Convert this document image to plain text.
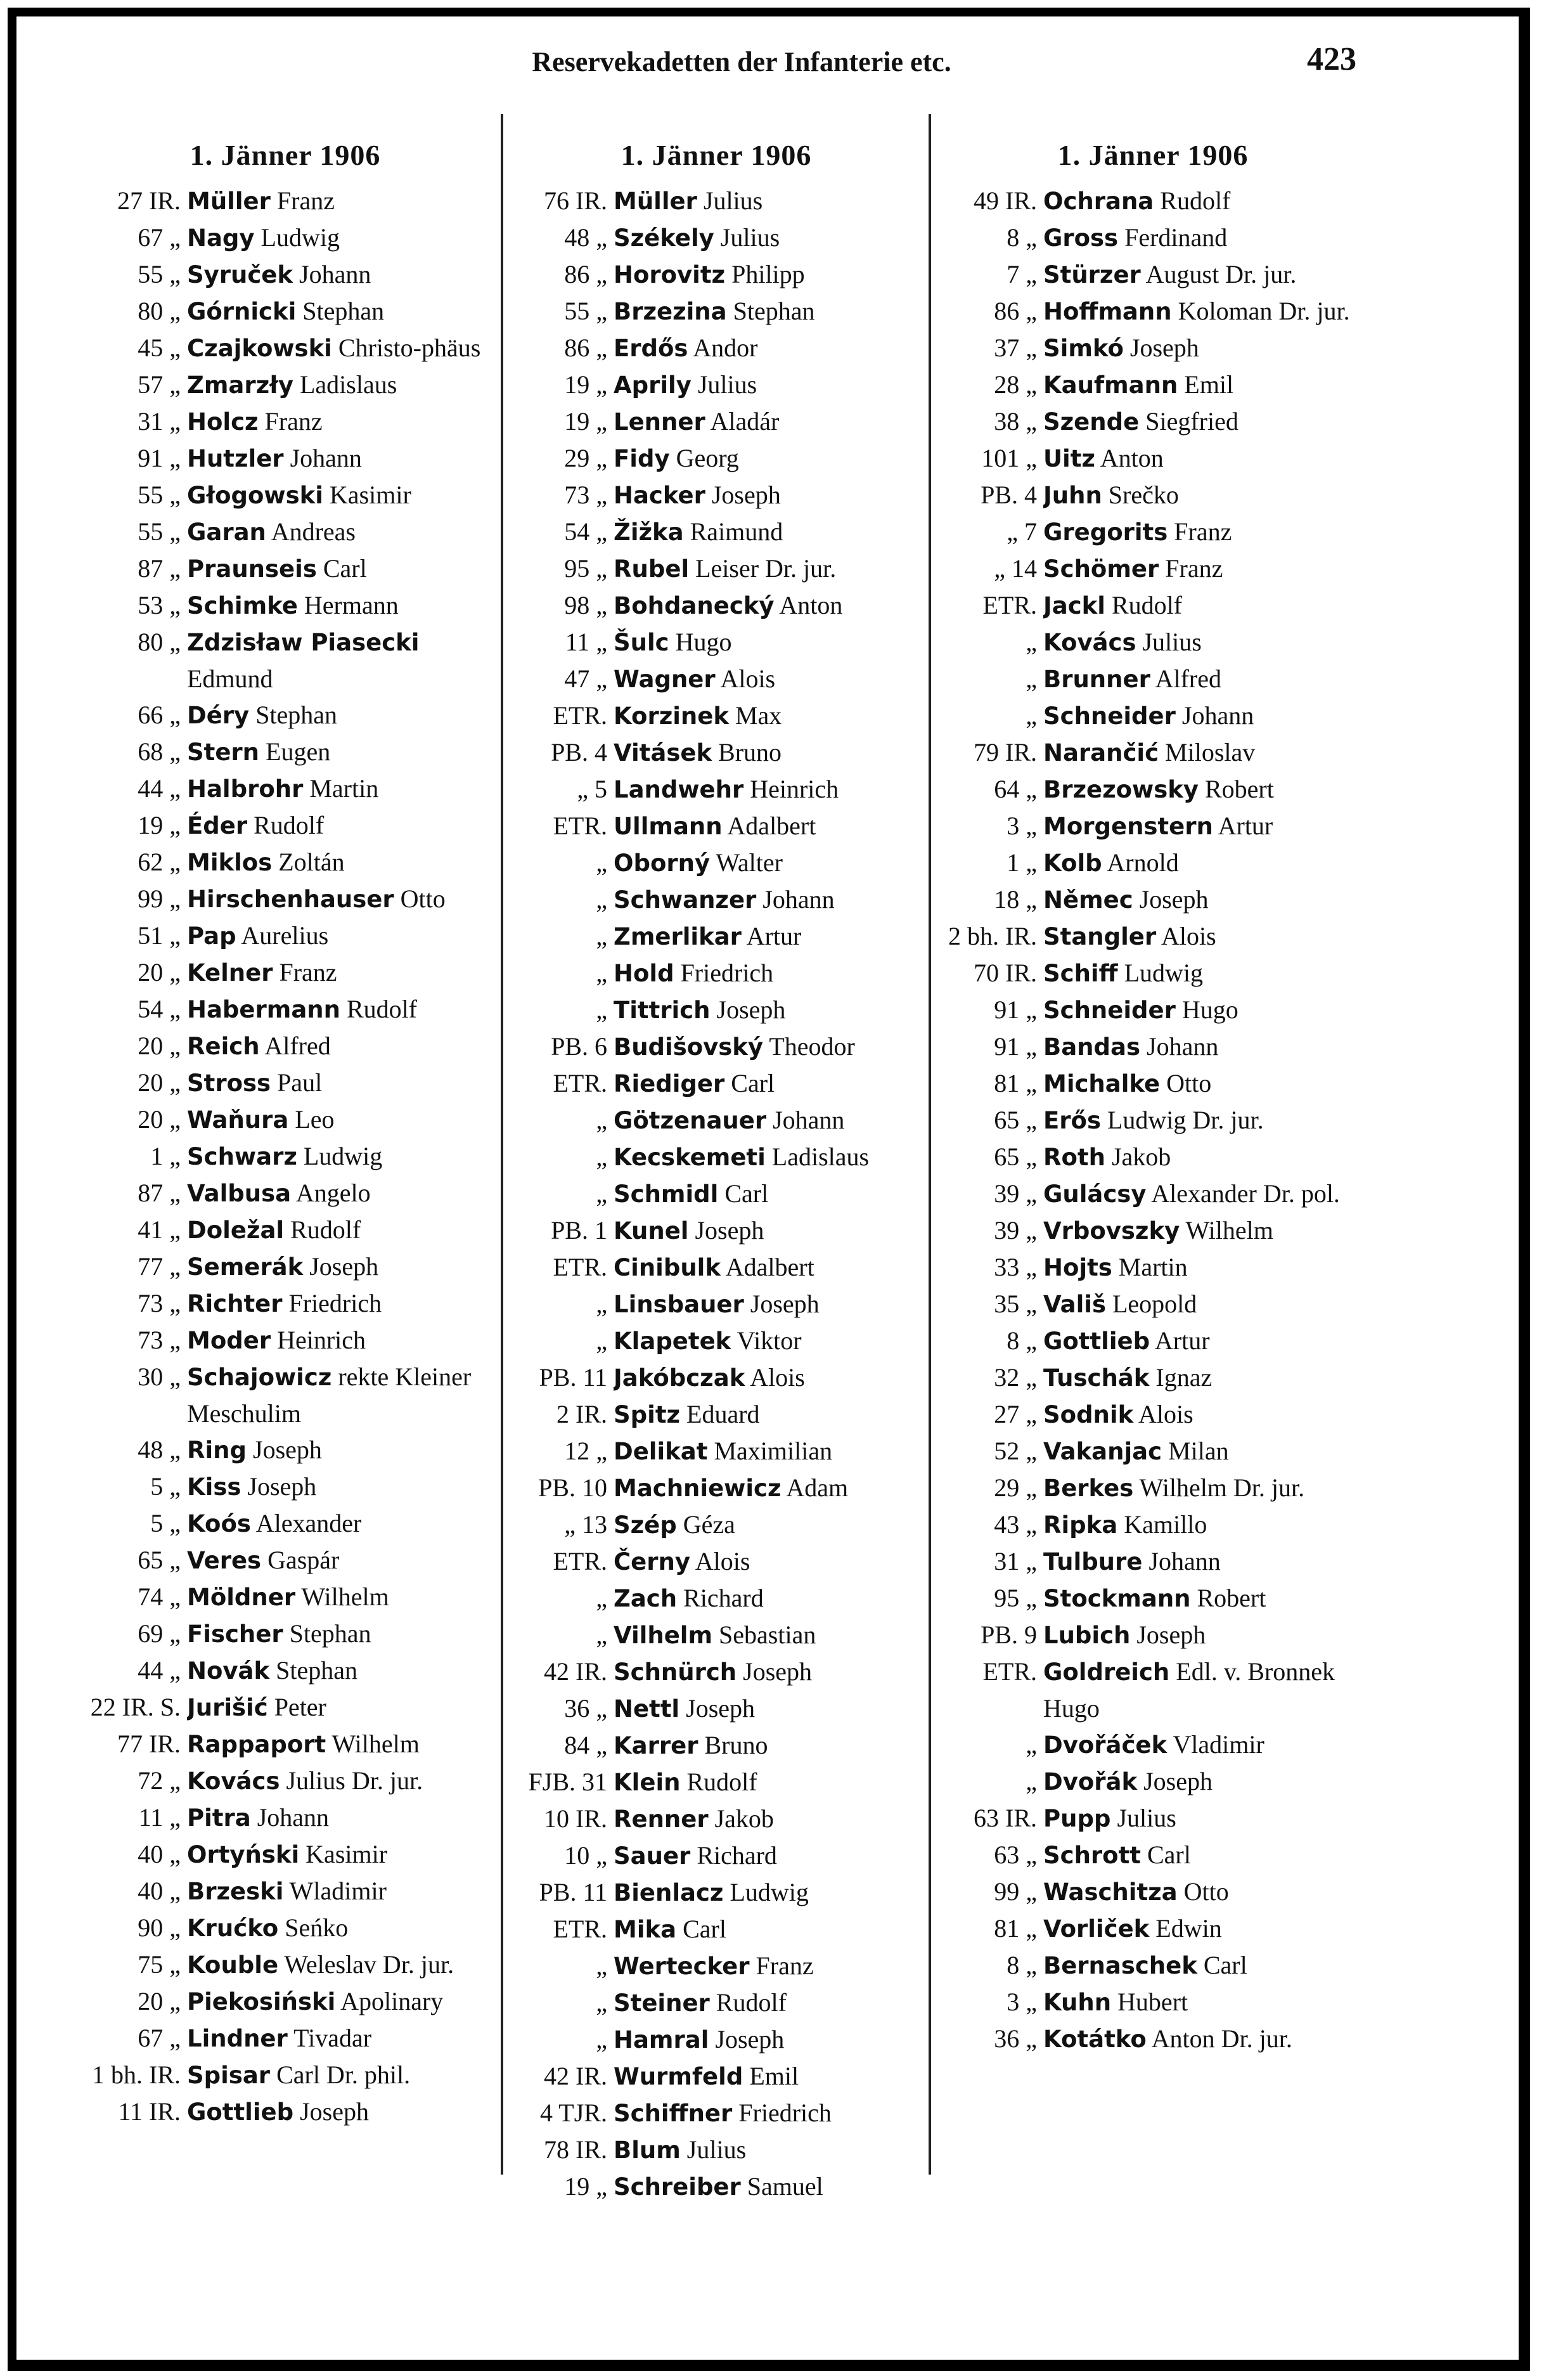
Reservekadetten der Infanterie etc.	423
1. Jänner 1906
27 IR. Müller Franz
67 „ Nagy Ludwig
55 „ Syruček Johann
80 „ Górnicki Stephan
45 „ Czajkowski Christo-phäus
57 „ Zmarzły Ladislaus
31 „ Holcz Franz
91 „ Hutzler Johann
55 „ Głogowski Kasimir
55 „ Garan Andreas
87 „ Praunseis Carl
53 „ Schimke Hermann
80 „ Zdzisław Piasecki Edmund
66 „ Déry Stephan
68 „ Stern Eugen
44 „ Halbrohr Martin
19 „ Éder Rudolf
62 „ Miklos Zoltán
99 „ Hirschenhauser Otto
51 „ Pap Aurelius
20 „ Kelner Franz
54 „ Habermann Rudolf
20 „ Reich Alfred
20 „ Stross Paul
20 „ Waňura Leo
1 „ Schwarz Ludwig
87 „ Valbusa Angelo
41 „ Doležal Rudolf
77 „ Semerák Joseph
73 „ Richter Friedrich
73 „ Moder Heinrich
30 „ Schajowicz rekte Kleiner Meschulim
48 „ Ring Joseph
5 „ Kiss Joseph
5 „ Koós Alexander
65 „ Veres Gaspár
74 „ Möldner Wilhelm
69 „ Fischer Stephan
44 „ Novák Stephan
22 IR. S. Jurišić Peter
77 IR. Rappaport Wilhelm
72 „ Kovács Julius Dr. jur.
11 „ Pitra Johann
40 „ Ortyński Kasimir
40 „ Brzeski Wladimir
90 „ Krućko Seńko
75 „ Kouble Weleslav Dr. jur.
20 „ Piekosiński Apolinary
67 „ Lindner Tivadar
1 bh. IR. Spisar Carl Dr. phil.
11 IR. Gottlieb Joseph
1. Jänner 1906
76 IR. Müller Julius
48 „ Székely Julius
86 „ Horovitz Philipp
55 „ Brzezina Stephan
86 „ Erdős Andor
19 „ Aprily Julius
19 „ Lenner Aladár
29 „ Fidy Georg
73 „ Hacker Joseph
54 „ Žižka Raimund
95 „ Rubel Leiser Dr. jur.
98 „ Bohdanecký Anton
11 „ Šulc Hugo
47 „ Wagner Alois
ETR. Korzinek Max
PB. 4 Vitásek Bruno
„ 5 Landwehr Heinrich
ETR. Ullmann Adalbert
„ Oborný Walter
„ Schwanzer Johann
„ Zmerlikar Artur
„ Hold Friedrich
„ Tittrich Joseph
PB. 6 Budišovský Theodor
ETR. Riediger Carl
„ Götzenauer Johann
„ Kecskemeti Ladislaus
„ Schmidl Carl
PB. 1 Kunel Joseph
ETR. Cinibulk Adalbert
„ Linsbauer Joseph
„ Klapetek Viktor
PB. 11 Jakóbczak Alois
2 IR. Spitz Eduard
12 „ Delikat Maximilian
PB. 10 Machniewicz Adam
„ 13 Szép Géza
ETR. Černy Alois
„ Zach Richard
„ Vilhelm Sebastian
42 IR. Schnürch Joseph
36 „ Nettl Joseph
84 „ Karrer Bruno
FJB. 31 Klein Rudolf
10 IR. Renner Jakob
10 „ Sauer Richard
PB. 11 Bienlacz Ludwig
ETR. Mika Carl
„ Wertecker Franz
„ Steiner Rudolf
„ Hamral Joseph
42 IR. Wurmfeld Emil
4 TJR. Schiffner Friedrich
78 IR. Blum Julius
19 „ Schreiber Samuel
1. Jänner 1906
49 IR. Ochrana Rudolf
8 „ Gross Ferdinand
7 „ Stürzer August Dr. jur.
86 „ Hoffmann Koloman Dr. jur.
37 „ Simkó Joseph
28 „ Kaufmann Emil
38 „ Szende Siegfried
101 „ Uitz Anton
PB. 4 Juhn Srečko
„ 7 Gregorits Franz
„ 14 Schömer Franz
ETR. Jackl Rudolf
„ Kovács Julius
„ Brunner Alfred
„ Schneider Johann
79 IR. Narančić Miloslav
64 „ Brzezowsky Robert
3 „ Morgenstern Artur
1 „ Kolb Arnold
18 „ Němec Joseph
2 bh. IR. Stangler Alois
70 IR. Schiff Ludwig
91 „ Schneider Hugo
91 „ Bandas Johann
81 „ Michalke Otto
65 „ Erős Ludwig Dr. jur.
65 „ Roth Jakob
39 „ Gulácsy Alexander Dr. pol.
39 „ Vrbovszky Wilhelm
33 „ Hojts Martin
35 „ Vališ Leopold
8 „ Gottlieb Artur
32 „ Tuschák Ignaz
27 „ Sodnik Alois
52 „ Vakanjac Milan
29 „ Berkes Wilhelm Dr. jur.
43 „ Ripka Kamillo
31 „ Tulbure Johann
95 „ Stockmann Robert
PB. 9 Lubich Joseph
ETR. Goldreich Edl. v. Bronnek Hugo
„ Dvořáček Vladimir
„ Dvořák Joseph
63 IR. Pupp Julius
63 „ Schrott Carl
99 „ Waschitza Otto
81 „ Vorliček Edwin
8 „ Bernaschek Carl
3 „ Kuhn Hubert
36 „ Kotátko Anton Dr. jur.
